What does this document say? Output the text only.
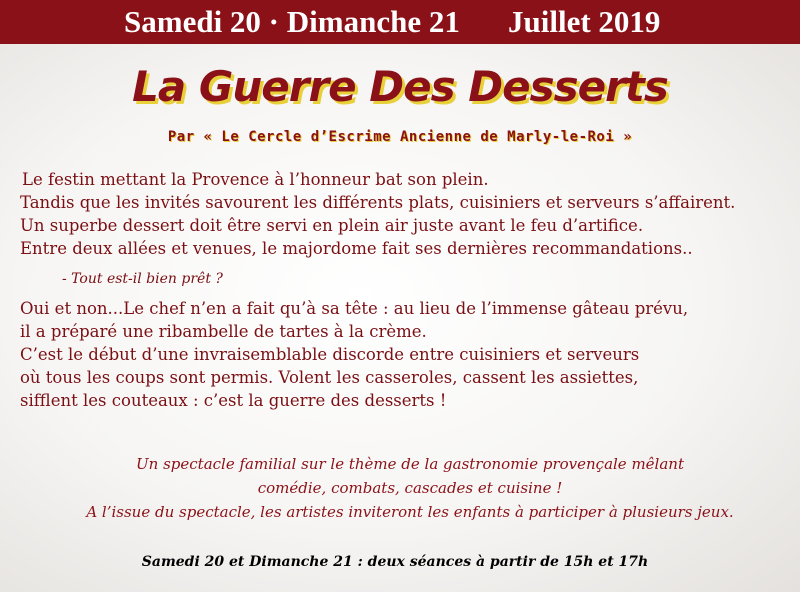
Samedi 20 · Dimanche 21 Juillet 2019
La Guerre Des Desserts
Par « Le Cercle d’Escrime Ancienne de Marly-le-Roi »
Le festin mettant la Provence à l’honneur bat son plein.
Tandis que les invités savourent les différents plats, cuisiniers et serveurs s’affairent.
Un superbe dessert doit être servi en plein air juste avant le feu d’artifice.
Entre deux allées et venues, le majordome fait ses dernières recommandations..
- Tout est-il bien prêt ?
Oui et non...Le chef n’en a fait qu’à sa tête : au lieu de l’immense gâteau prévu,
il a préparé une ribambelle de tartes à la crème.
C’est le début d’une invraisemblable discorde entre cuisiniers et serveurs
où tous les coups sont permis. Volent les casseroles, cassent les assiettes,
sifflent les couteaux : c’est la guerre des desserts !
Un spectacle familial sur le thème de la gastronomie provençale mêlant
comédie, combats, cascades et cuisine !
A l’issue du spectacle, les artistes inviteront les enfants à participer à plusieurs jeux.
Samedi 20 et Dimanche 21 : deux séances à partir de 15h et 17h
